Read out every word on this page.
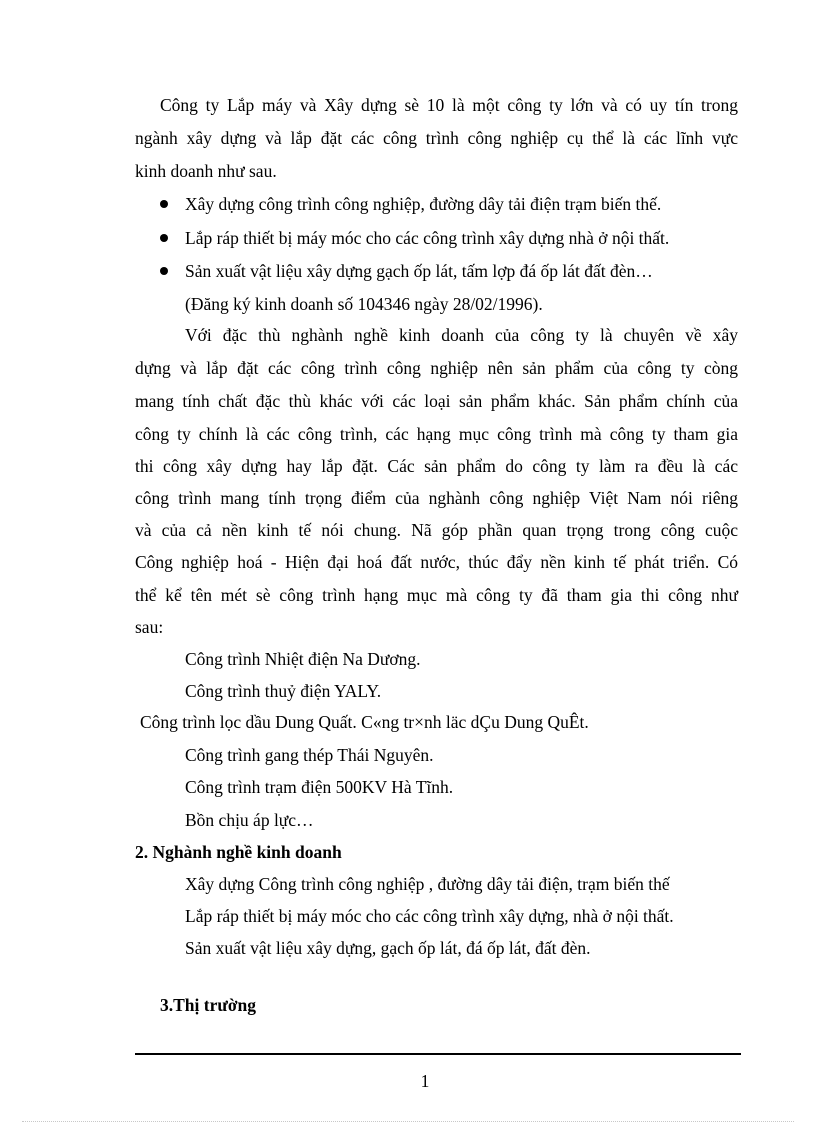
Công ty Lắp máy và Xây dựng sè 10 là một công ty lớn và có uy tín trong
ngành xây dựng và lắp đặt các công trình công nghiệp cụ thể là các lĩnh vực
kinh doanh như sau.
Xây dựng công trình công nghiệp, đường dây tải điện trạm biến thế.
Lắp ráp thiết bị máy móc cho các công trình xây dựng nhà ở nội thất.
Sản xuất vật liệu xây dựng gạch ốp lát, tấm lợp đá ốp lát đất đèn…
(Đăng ký kinh doanh số 104346 ngày 28/02/1996).
Với đặc thù nghành nghề kinh doanh của công ty là chuyên về xây
dựng và lắp đặt các công trình công nghiệp nên sản phẩm của công ty còng
mang tính chất đặc thù khác với các loại sản phẩm khác. Sản phẩm chính của
công ty chính là các công trình, các hạng mục công trình mà công ty tham gia
thi công xây dựng hay lắp đặt. Các sản phẩm do công ty làm ra đều là các
công trình mang tính trọng điểm của nghành công nghiệp Việt Nam nói riêng
và của cả nền kinh tế nói chung. Nã góp phần quan trọng trong công cuộc
Công nghiệp hoá - Hiện đại hoá đất nước, thúc đẩy nền kinh tế phát triển. Có
thể kể tên mét sè công trình hạng mục mà công ty đã tham gia thi công như
sau:
Công trình Nhiệt điện Na Dương.
Công trình thuỷ điện YALY.
Công trình lọc dầu Dung Quất. C«ng tr×nh läc dÇu Dung QuÊt.
Công trình gang thép Thái Nguyên.
Công trình trạm điện 500KV Hà Tĩnh.
Bồn chịu áp lực…
2. Nghành nghề kinh doanh
Xây dựng Công trình công nghiệp , đường dây tải điện, trạm biến thế
Lắp ráp thiết bị máy móc cho các công trình xây dựng, nhà ở nội thất.
Sản xuất vật liệu xây dựng, gạch ốp lát, đá ốp lát, đất đèn.
3.Thị trường
1
